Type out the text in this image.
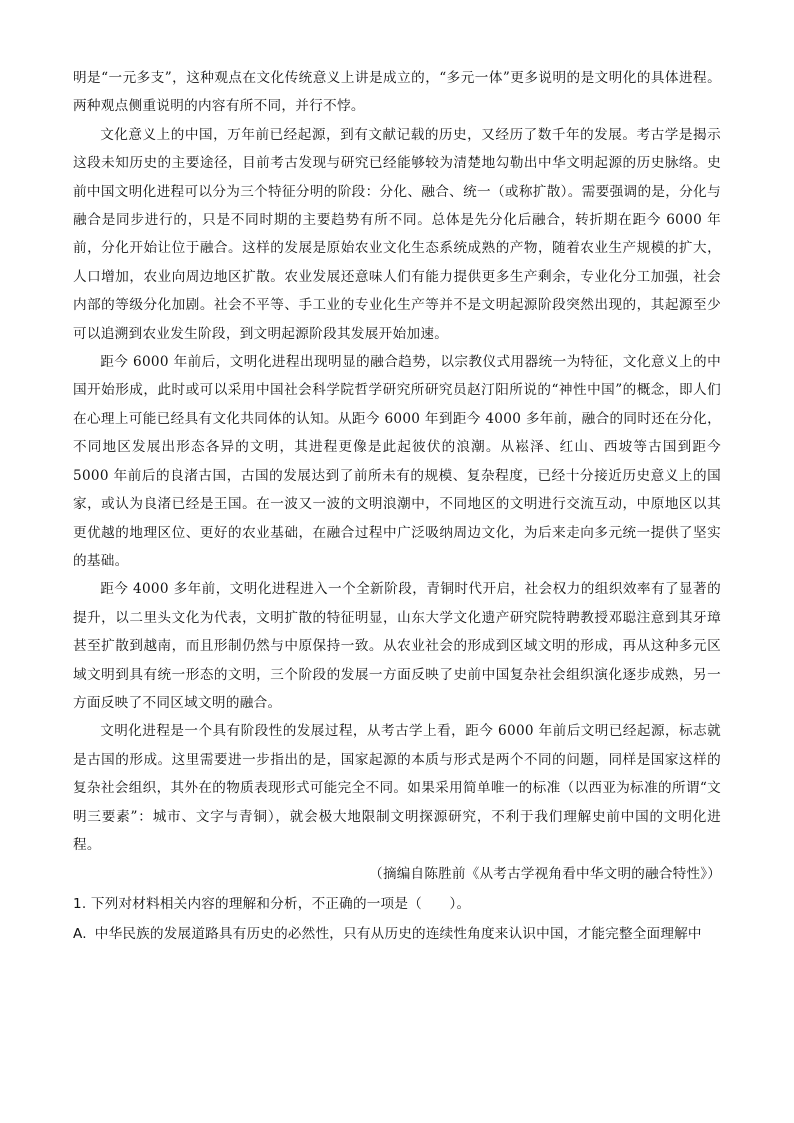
明是“一元多支”，这种观点在文化传统意义上讲是成立的，“多元一体”更多说明的是文明化的具体进程。两种观点侧重说明的内容有所不同，并行不悖。

文化意义上的中国，万年前已经起源，到有文献记载的历史，又经历了数千年的发展。考古学是揭示这段未知历史的主要途径，目前考古发现与研究已经能够较为清楚地勾勒出中华文明起源的历史脉络。史前中国文明化进程可以分为三个特征分明的阶段：分化、融合、统一（或称扩散）。需要强调的是，分化与融合是同步进行的，只是不同时期的主要趋势有所不同。总体是先分化后融合，转折期在距今 6000 年前，分化开始让位于融合。这样的发展是原始农业文化生态系统成熟的产物，随着农业生产规模的扩大，人口增加，农业向周边地区扩散。农业发展还意味人们有能力提供更多生产剩余，专业化分工加强，社会内部的等级分化加剧。社会不平等、手工业的专业化生产等并不是文明起源阶段突然出现的，其起源至少可以追溯到农业发生阶段，到文明起源阶段其发展开始加速。

距今 6000 年前后，文明化进程出现明显的融合趋势，以宗教仪式用器统一为特征，文化意义上的中国开始形成，此时或可以采用中国社会科学院哲学研究所研究员赵汀阳所说的“神性中国”的概念，即人们在心理上可能已经具有文化共同体的认知。从距今 6000 年到距今 4000 多年前，融合的同时还在分化，不同地区发展出形态各异的文明，其进程更像是此起彼伏的浪潮。从崧泽、红山、西坡等古国到距今 5000 年前后的良渚古国，古国的发展达到了前所未有的规模、复杂程度，已经十分接近历史意义上的国家，或认为良渚已经是王国。在一波又一波的文明浪潮中，不同地区的文明进行交流互动，中原地区以其更优越的地理区位、更好的农业基础，在融合过程中广泛吸纳周边文化，为后来走向多元统一提供了坚实的基础。

距今 4000 多年前，文明化进程进入一个全新阶段，青铜时代开启，社会权力的组织效率有了显著的提升，以二里头文化为代表，文明扩散的特征明显，山东大学文化遗产研究院特聘教授邓聪注意到其牙璋甚至扩散到越南，而且形制仍然与中原保持一致。从农业社会的形成到区域文明的形成，再从这种多元区域文明到具有统一形态的文明，三个阶段的发展一方面反映了史前中国复杂社会组织演化逐步成熟，另一方面反映了不同区域文明的融合。

文明化进程是一个具有阶段性的发展过程，从考古学上看，距今 6000 年前后文明已经起源，标志就是古国的形成。这里需要进一步指出的是，国家起源的本质与形式是两个不同的问题，同样是国家这样的复杂社会组织，其外在的物质表现形式可能完全不同。如果采用简单唯一的标准（以西亚为标准的所谓“文明三要素”：城市、文字与青铜），就会极大地限制文明探源研究，不利于我们理解史前中国的文明化进程。

（摘编自陈胜前《从考古学视角看中华文明的融合特性》）

1. 下列对材料相关内容的理解和分析，不正确的一项是（　　）。

A. 中华民族的发展道路具有历史的必然性，只有从历史的连续性角度来认识中国，才能完整全面理解中
